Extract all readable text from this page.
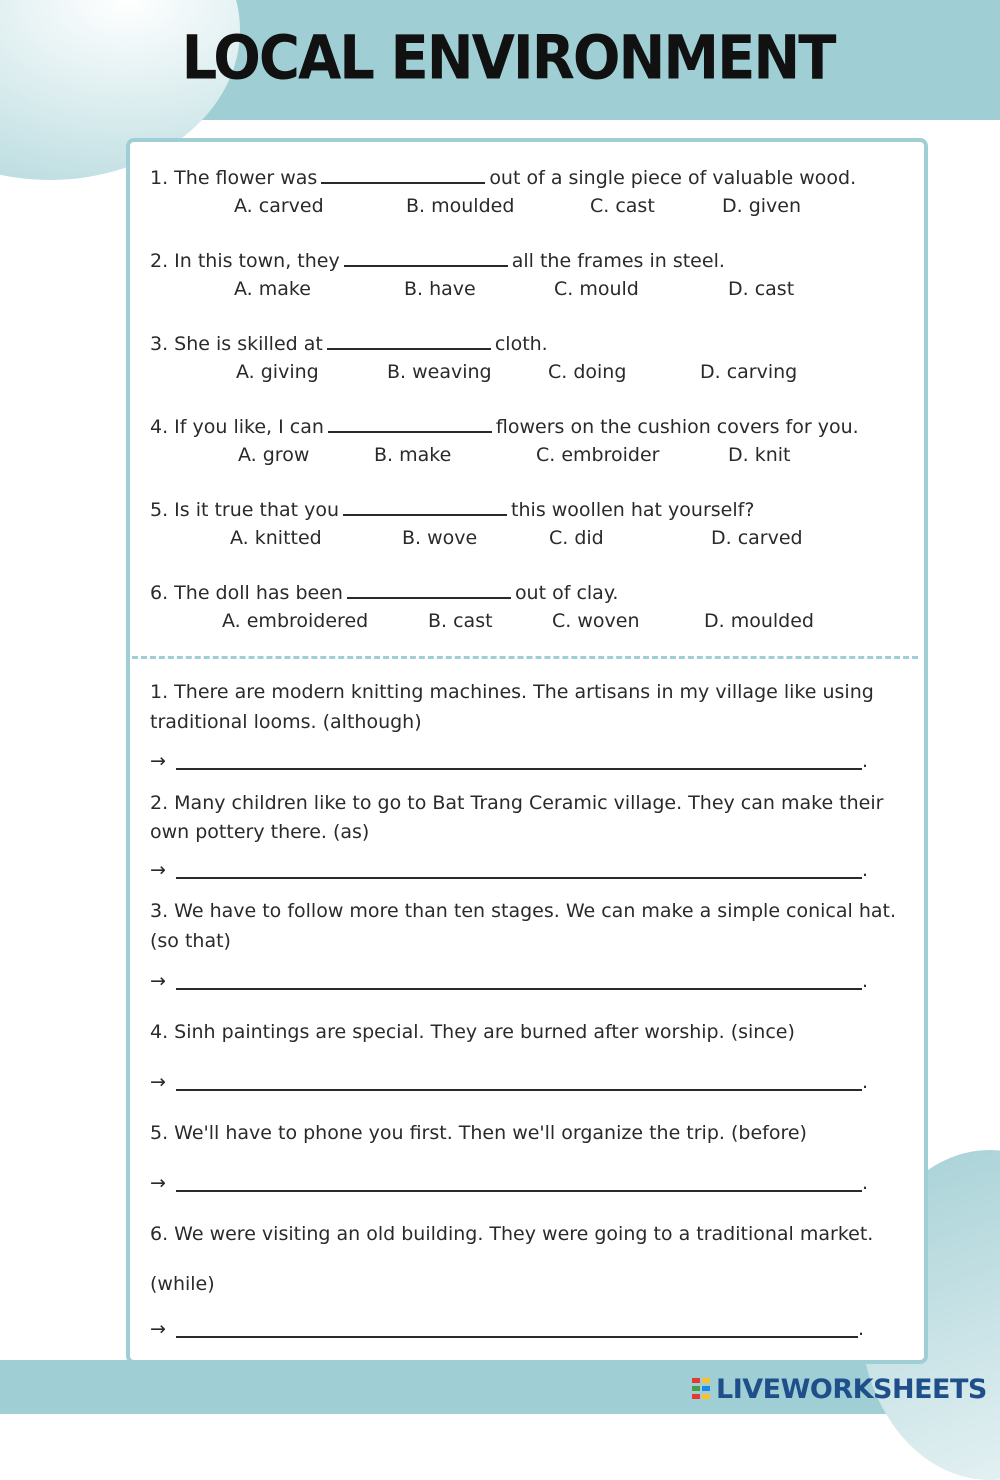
LOCAL ENVIRONMENT
1. The flower was	out of a single piece of valuable wood.
A. carved	B. moulded	C. cast	D. given
2. In this town, they	all the frames in steel.
A. make	B. have	C. mould	D. cast
3. She is skilled at	cloth.
A. giving	B. weaving	C. doing	D. carving
4. If you like, I can	flowers on the cushion covers for you.
A. grow	B. make	C. embroider	D. knit
5. Is it true that you	this woollen hat yourself?
A. knitted	B. wove	C. did	D. carved
6. The doll has been	out of clay.
A. embroidered	B. cast	C. woven	D. moulded
1. There are modern knitting machines. The artisans in my village like using
traditional looms. (although)
→	.
2. Many children like to go to Bat Trang Ceramic village. They can make their
own pottery there. (as)
→	.
3. We have to follow more than ten stages. We can make a simple conical hat.
(so that)
→	.
4. Sinh paintings are special. They are burned after worship. (since)
→	.
5. We'll have to phone you first. Then we'll organize the trip. (before)
→	.
6. We were visiting an old building. They were going to a traditional market.
(while)
→	.
LIVEWORKSHEETS
